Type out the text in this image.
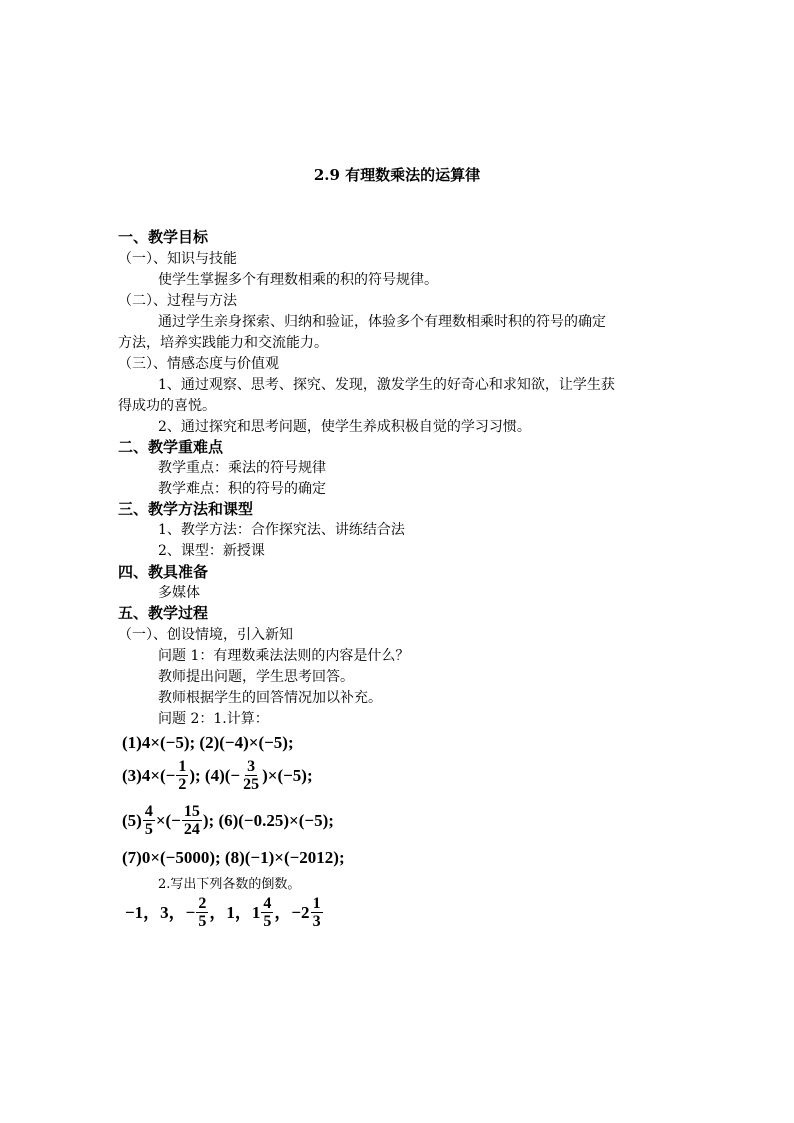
2.9 有理数乘法的运算律
一、教学目标
（一）、知识与技能
使学生掌握多个有理数相乘的积的符号规律。
（二）、过程与方法
通过学生亲身探索、归纳和验证，体验多个有理数相乘时积的符号的确定
方法，培养实践能力和交流能力。
（三）、情感态度与价值观
1、通过观察、思考、探究、发现，激发学生的好奇心和求知欲，让学生获
得成功的喜悦。
2、通过探究和思考问题，使学生养成积极自觉的学习习惯。
二、教学重难点
教学重点：乘法的符号规律
教学难点：积的符号的确定
三、教学方法和课型
1、教学方法：合作探究法、讲练结合法
2、课型：新授课
四、教具准备
多媒体
五、教学过程
（一）、创设情境，引入新知
问题 1：有理数乘法法则的内容是什么？
教师提出问题，学生思考回答。
教师根据学生的回答情况加以补充。
问题 2：1.计算：
(1)4×(−5); (2)(−4)×(−5);
$(3)4\times(- \frac{1}{2}$ ); $(4)(- \frac{3}{25} )\times(-5)$;
$(5) \frac{4}{5}$ ×(− $\frac{15}{24}$ ); (6)(−0.25)×(−5);
(7)0×(−5000); (8)(−1)×(−2012);
2.写出下列各数的倒数。
−1，3，− $\frac{2}{5}$ ，1，$1 \frac{4}{5}$ ，$-2 \frac{1}{3}$
